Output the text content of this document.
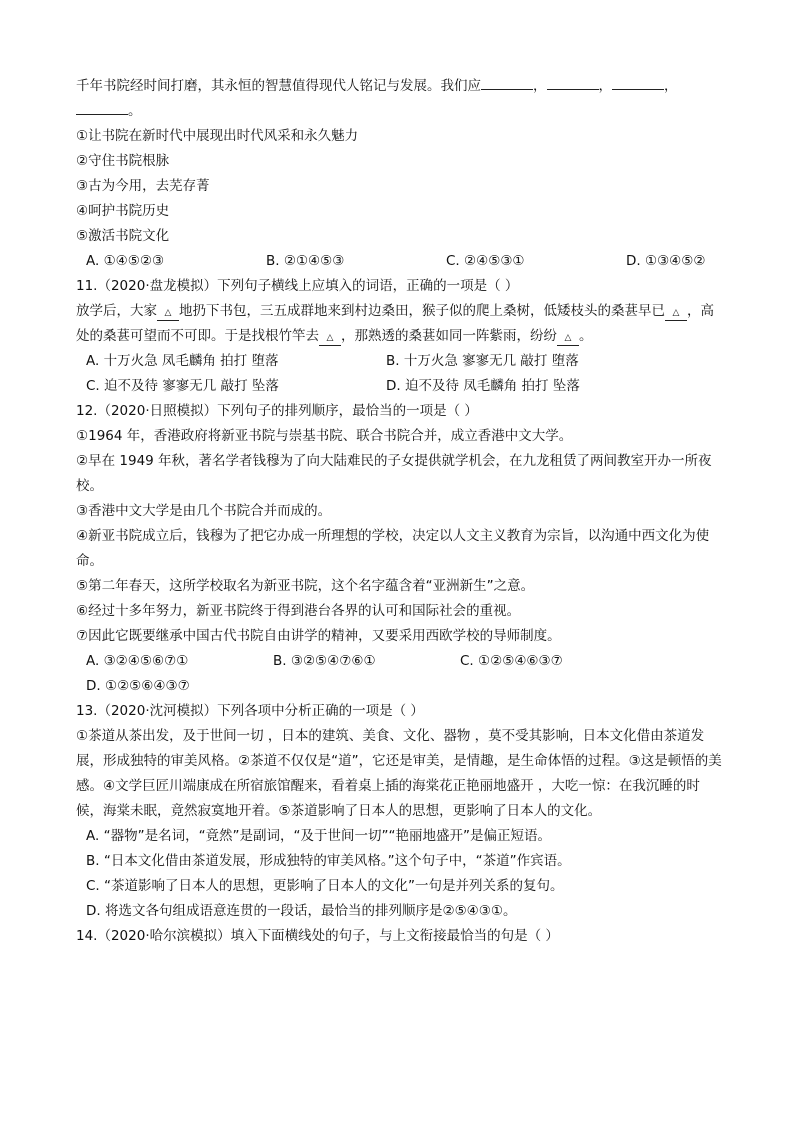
千年书院经时间打磨，其永恒的智慧值得现代人铭记与发展。我们应	，	，	，
。

①让书院在新时代中展现出时代风采和永久魅力

②守住书院根脉

③古为今用，去芜存菁

④呵护书院历史

⑤激活书院文化

A. ①④⑤②③	B. ②①④⑤③	C. ②④⑤③①	D. ①③④⑤②

11.（2020·盘龙模拟）下列句子横线上应填入的词语，正确的一项是（ ）

放学后，大家 △ 地扔下书包，三五成群地来到村边桑田，猴子似的爬上桑树，低矮枝头的桑葚早已 △ ，高处的桑葚可望而不可即。于是找根竹竿去 △ ，那熟透的桑葚如同一阵紫雨，纷纷 △ 。

A. 十万火急 凤毛麟角 拍打 堕落	B. 十万火急 寥寥无几 敲打 堕落
C. 迫不及待 寥寥无几 敲打 坠落	D. 迫不及待 凤毛麟角 拍打 坠落

12.（2020·日照模拟）下列句子的排列顺序，最恰当的一项是（ ）

①1964 年，香港政府将新亚书院与崇基书院、联合书院合并，成立香港中文大学。

②早在 1949 年秋，著名学者钱穆为了向大陆难民的子女提供就学机会，在九龙租赁了两间教室开办一所夜校。

③香港中文大学是由几个书院合并而成的。

④新亚书院成立后，钱穆为了把它办成一所理想的学校，决定以人文主义教育为宗旨，以沟通中西文化为使命。

⑤第二年春天，这所学校取名为新亚书院，这个名字蕴含着“亚洲新生”之意。

⑥经过十多年努力，新亚书院终于得到港台各界的认可和国际社会的重视。

⑦因此它既要继承中国古代书院自由讲学的精神，又要采用西欧学校的导师制度。

A. ③②④⑤⑥⑦①	B. ③②⑤④⑦⑥①	C. ①②⑤④⑥③⑦
D. ①②⑤⑥④③⑦

13.（2020·沈河模拟）下列各项中分析正确的一项是（ ）

①茶道从茶出发，及于世间一切 ，日本的建筑、美食、文化、器物 ，莫不受其影响，日本文化借由茶道发展，形成独特的审美风格。②茶道不仅仅是“道”，它还是审美，是情趣，是生命体悟的过程。③这是顿悟的美感。④文学巨匠川端康成在所宿旅馆醒来，看着桌上插的海棠花正艳丽地盛开 ，大吃一惊：在我沉睡的时候，海棠未眠，竟然寂寞地开着。⑤茶道影响了日本人的思想，更影响了日本人的文化。

A. “器物”是名词，“竟然”是副词，“及于世间一切”“艳丽地盛开”是偏正短语。

B. “日本文化借由茶道发展，形成独特的审美风格。”这个句子中，“茶道”作宾语。

C. “茶道影响了日本人的思想，更影响了日本人的文化”一句是并列关系的复句。

D. 将选文各句组成语意连贯的一段话，最恰当的排列顺序是②⑤④③①。

14.（2020·哈尔滨模拟）填入下面横线处的句子，与上文衔接最恰当的句是（ ）
